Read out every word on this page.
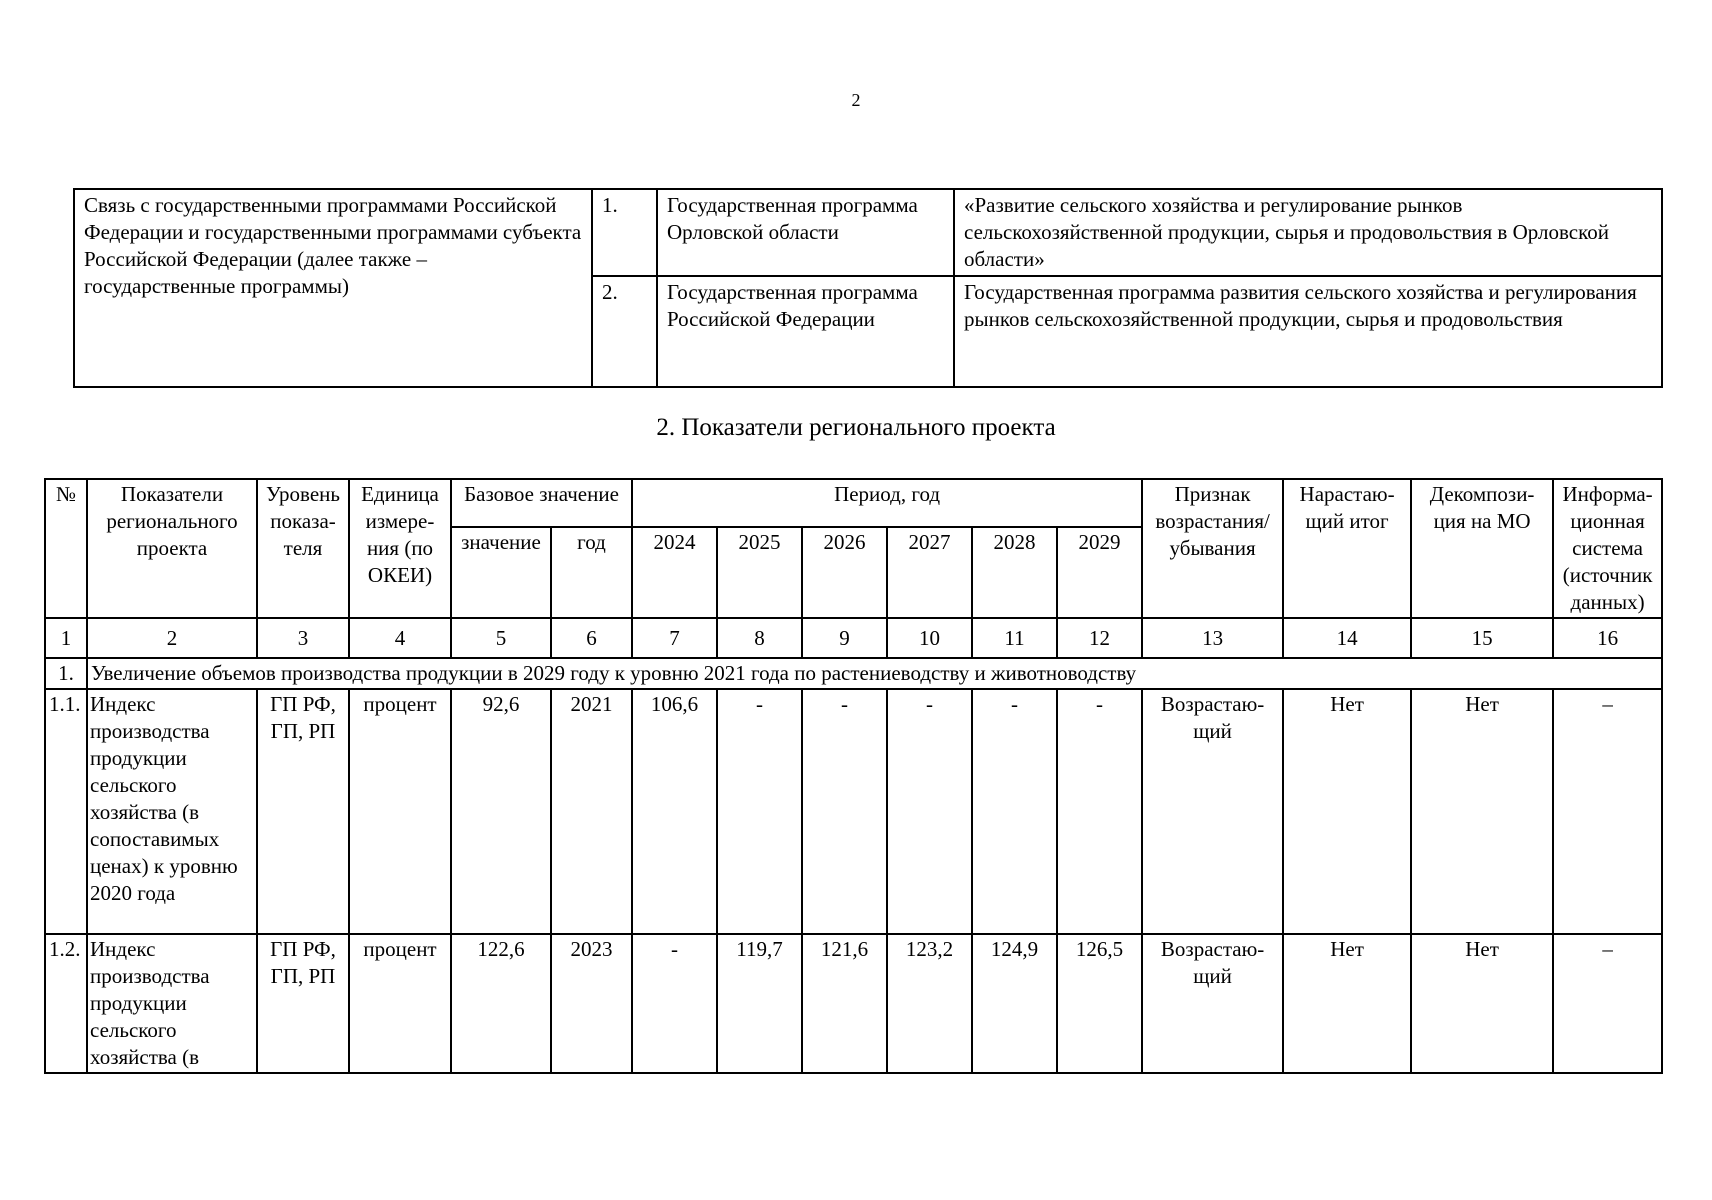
2
Связь с государственными программами Российской Федерации и государственными программами субъекта Российской Федерации (далее также – государственные программы)	1.	Государственная программа Орловской области	«Развитие сельского хозяйства и регулирование рынков сельскохозяйственной продукции, сырья и продовольствия в Орловской области»
	2.	Государственная программа Российской Федерации	Государственная программа развития сельского хозяйства и регулирования рынков сельскохозяйственной продукции, сырья и продовольствия
2. Показатели регионального проекта
№	Показатели регионального проекта	Уровень показа-теля	Единица измере-ния (по ОКЕИ)	Базовое значение		Период, год						Признак возрастания/ убывания	Нарастаю-щий итог	Декомпози-ция на МО	Информа-ционная система (источник данных)
				значение	год	2024	2025	2026	2027	2028	2029				
1	2	3	4	5	6	7	8	9	10	11	12	13	14	15	16
1.	Увеличение объемов производства продукции в 2029 году к уровню 2021 года по растениеводству и животноводству														
1.1.	Индекс производства продукции сельского хозяйства (в сопоставимых ценах) к уровню 2020 года	ГП РФ, ГП, РП	процент	92,6	2021	106,6	-	-	-	-	-	Возрастаю-щий	Нет	Нет	–
1.2.	Индекс производства продукции сельского хозяйства (в	ГП РФ, ГП, РП	процент	122,6	2023	-	119,7	121,6	123,2	124,9	126,5	Возрастаю-щий	Нет	Нет	–
